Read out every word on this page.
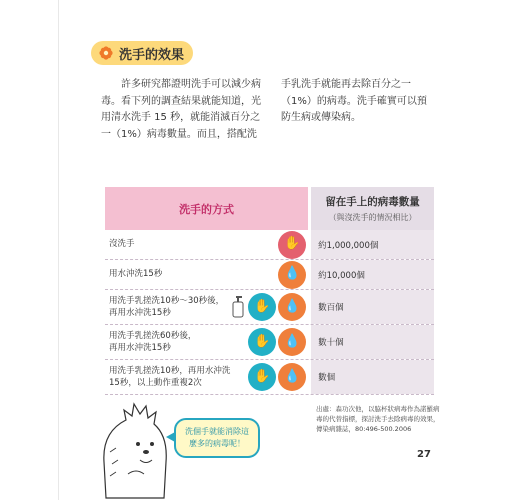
洗手的效果

許多研究都證明洗手可以減少病毒。看下列的調查結果就能知道，光用清水洗手 15 秒，就能消滅百分之一（1%）病毒數量。而且，搭配洗

手乳洗手就能再去除百分之一（1%）的病毒。洗手確實可以預防生病或傳染病。

洗手的方式
留在手上的病毒數量
（與沒洗手的情況相比）
沒洗手	✋	約1,000,000個
用水沖洗15秒	💧	約10,000個
用洗手乳搓洗10秒～30秒後，
再用水沖洗15秒	✋	💧	數百個
用洗手乳搓洗60秒後，
再用水沖洗15秒	✋	💧	數十個
用洗手乳搓洗10秒，再用水沖洗
15秒，以上動作重複2次	✋	💧	數個
出處：森功次他，以脇杯狀病毒作為諾羅病
毒的代替指標，探討洗手去除病毒的效果，
傳染病雜誌，80:496-500.2006
洗個手就能消除這
麼多的病毒呢！
27
